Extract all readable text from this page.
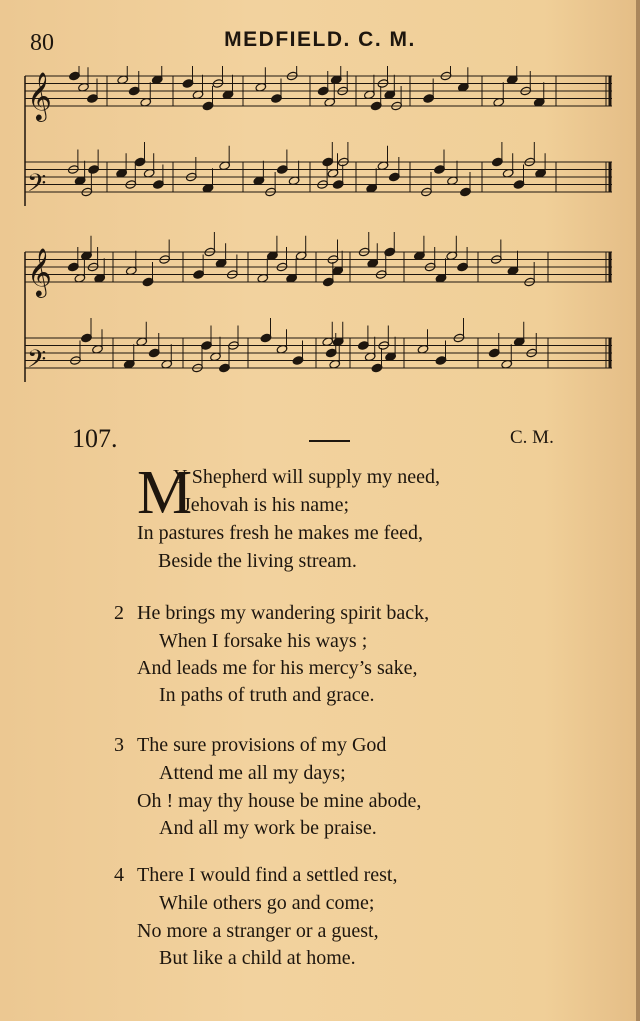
80	MEDFIELD. C. M.
𝄞
𝄢
𝄞
𝄢
107.	C. M.
M
Y Shepherd will supply my need,
Jehovah is his name;
In pastures fresh he makes me feed,
Beside the living stream.
2 He brings my wandering spirit back,
When I forsake his ways ;
And leads me for his mercy’s sake,
In paths of truth and grace.
3 The sure provisions of my God
Attend me all my days;
Oh ! may thy house be mine abode,
And all my work be praise.
4 There I would find a settled rest,
While others go and come;
No more a stranger or a guest,
But like a child at home.
